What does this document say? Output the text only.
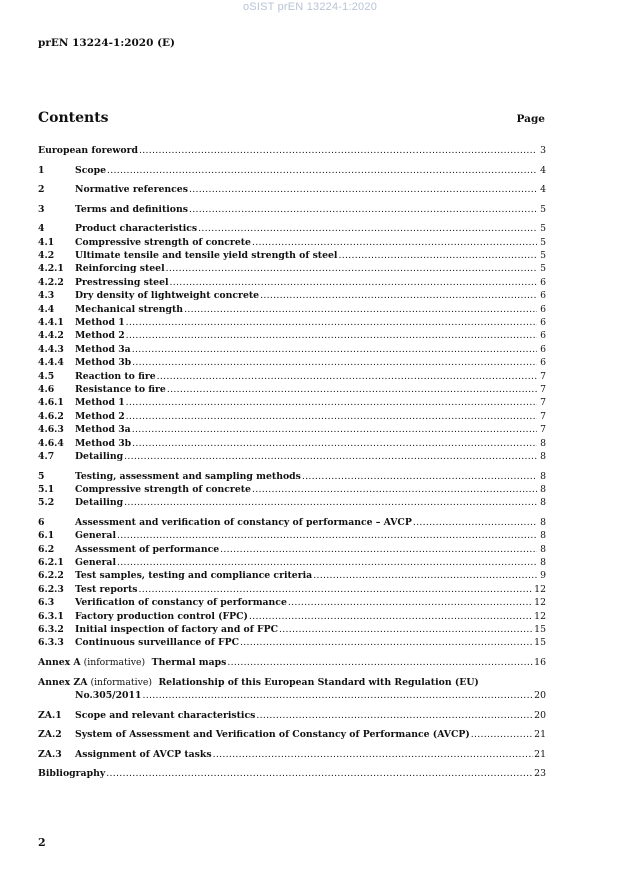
oSIST prEN 13224-1:2020
prEN 13224-1:2020 (E)
Contents	Page
European foreword .....	3
1	Scope .....	4
2	Normative references .....	4
3	Terms and definitions .....	5
4	Product characteristics .....	5
4.1	Compressive strength of concrete .....	5
4.2	Ultimate tensile and tensile yield strength of steel .....	5
4.2.1	Reinforcing steel .....	5
4.2.2	Prestressing steel .....	6
4.3	Dry density of lightweight concrete .....	6
4.4	Mechanical strength .....	6
4.4.1	Method 1 .....	6
4.4.2	Method 2 .....	6
4.4.3	Method 3a .....	6
4.4.4	Method 3b .....	6
4.5	Reaction to fire .....	7
4.6	Resistance to fire .....	7
4.6.1	Method 1 .....	7
4.6.2	Method 2 .....	7
4.6.3	Method 3a .....	7
4.6.4	Method 3b .....	8
4.7	Detailing .....	8
5	Testing, assessment and sampling methods .....	8
5.1	Compressive strength of concrete .....	8
5.2	Detailing .....	8
6	Assessment and verification of constancy of performance – AVCP .....	8
6.1	General .....	8
6.2	Assessment of performance .....	8
6.2.1	General .....	8
6.2.2	Test samples, testing and compliance criteria .....	9
6.2.3	Test reports .....	12
6.3	Verification of constancy of performance .....	12
6.3.1	Factory production control (FPC) .....	12
6.3.2	Initial inspection of factory and of FPC .....	15
6.3.3	Continuous surveillance of FPC .....	15
Annex A (informative) Thermal maps .....	16
Annex ZA (informative) Relationship of this European Standard with Regulation (EU)
No.305/2011 .....	20
ZA.1	Scope and relevant characteristics .....	20
ZA.2	System of Assessment and Verification of Constancy of Performance (AVCP) .....	21
ZA.3	Assignment of AVCP tasks .....	21
Bibliography .....	23
2
